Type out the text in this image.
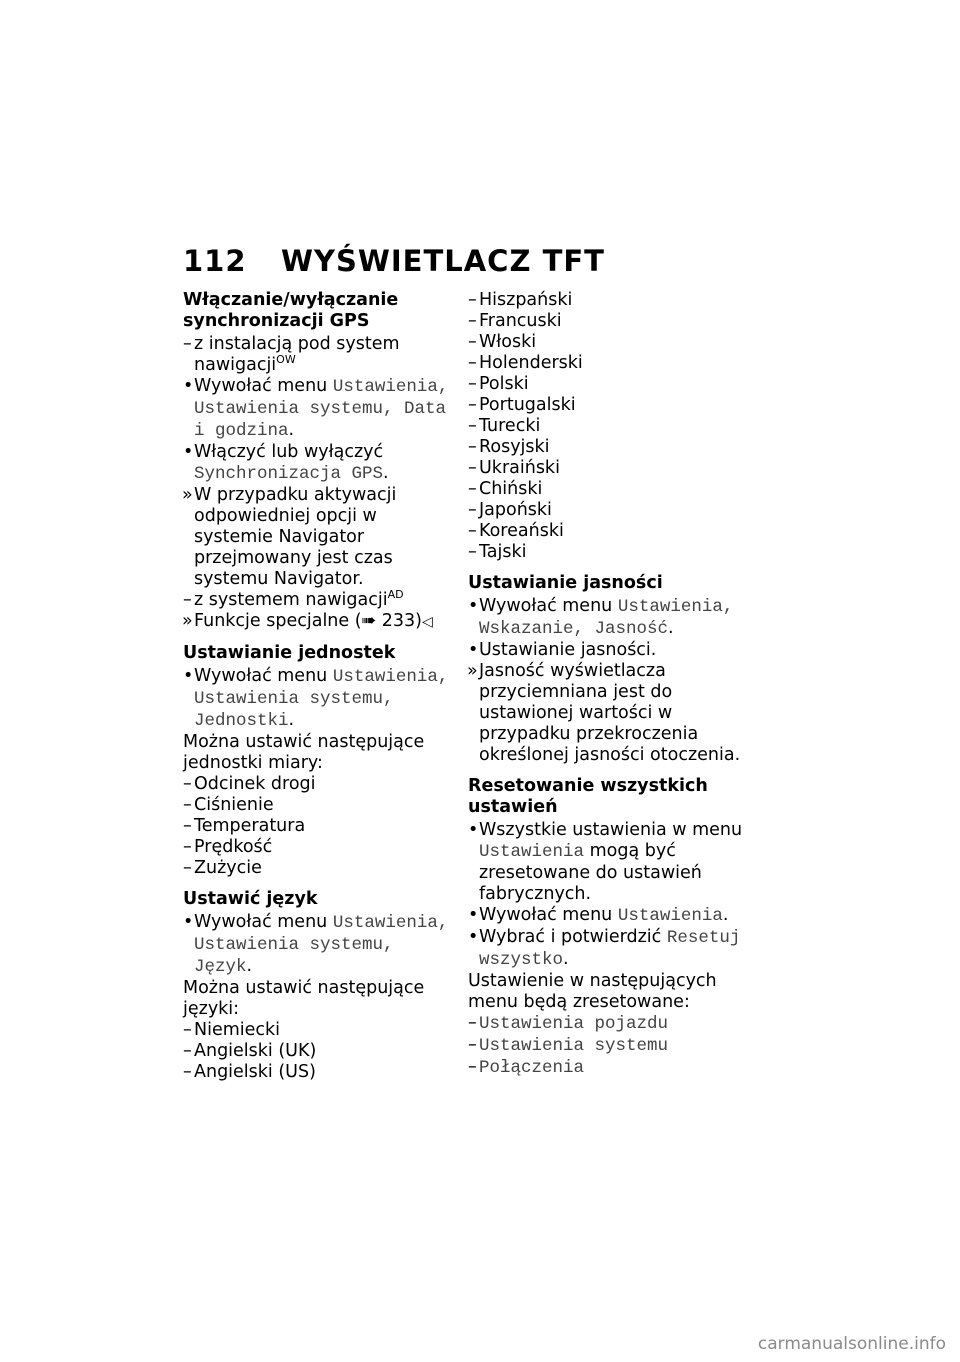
112 WYŚWIETLACZ TFT
Włączanie/wyłączanie synchronizacji GPS
– z instalacją pod system nawigacji$^{OW}$
• Wywołać menu Ustawienia, Ustawienia systemu, Data i godzina.
• Włączyć lub wyłączyć Synchronizacja GPS.
» W przypadku aktywacji odpowiedniej opcji w systemie Navigator przejmowany jest czas systemu Navigator.
– z systemem nawigacji$^{AD}$
» Funkcje specjalne (➠ 233)◁
Ustawianie jednostek
• Wywołać menu Ustawienia, Ustawienia systemu, Jednostki.
Można ustawić następujące jednostki miary:
– Odcinek drogi
– Ciśnienie
– Temperatura
– Prędkość
– Zużycie
Ustawić język
• Wywołać menu Ustawienia, Ustawienia systemu, Język.
Można ustawić następujące języki:
– Niemiecki
– Angielski (UK)
– Angielski (US)
– Hiszpański
– Francuski
– Włoski
– Holenderski
– Polski
– Portugalski
– Turecki
– Rosyjski
– Ukraiński
– Chiński
– Japoński
– Koreański
– Tajski
Ustawianie jasności
• Wywołać menu Ustawienia, Wskazanie, Jasność.
• Ustawianie jasności.
» Jasność wyświetlacza przyciemniana jest do ustawionej wartości w przypadku przekroczenia określonej jasności otoczenia.
Resetowanie wszystkich ustawień
• Wszystkie ustawienia w menu Ustawienia mogą być zresetowane do ustawień fabrycznych.
• Wywołać menu Ustawienia.
• Wybrać i potwierdzić Resetuj wszystko.
Ustawienie w następujących menu będą zresetowane:
– Ustawienia pojazdu
– Ustawienia systemu
– Połączenia
carmanualsonline.info
